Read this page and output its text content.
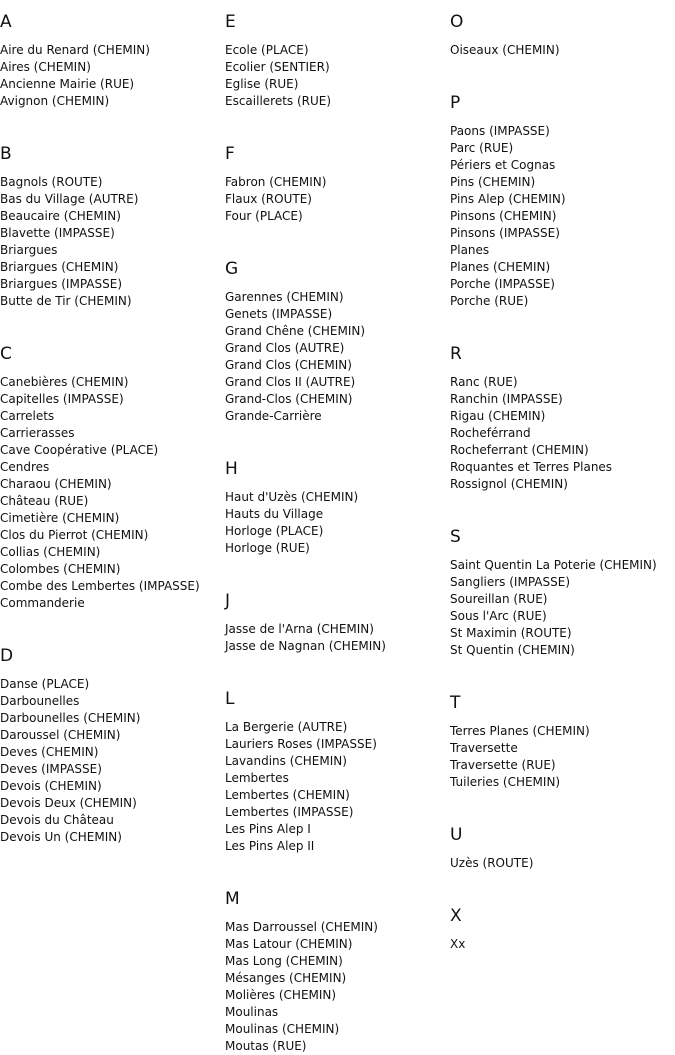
A
Aire du Renard (CHEMIN)
Aires (CHEMIN)
Ancienne Mairie (RUE)
Avignon (CHEMIN)
B
Bagnols (ROUTE)
Bas du Village (AUTRE)
Beaucaire (CHEMIN)
Blavette (IMPASSE)
Briargues
Briargues (CHEMIN)
Briargues (IMPASSE)
Butte de Tir (CHEMIN)
C
Canebières (CHEMIN)
Capitelles (IMPASSE)
Carrelets
Carrierasses
Cave Coopérative (PLACE)
Cendres
Charaou (CHEMIN)
Château (RUE)
Cimetière (CHEMIN)
Clos du Pierrot (CHEMIN)
Collias (CHEMIN)
Colombes (CHEMIN)
Combe des Lembertes (IMPASSE)
Commanderie
D
Danse (PLACE)
Darbounelles
Darbounelles (CHEMIN)
Daroussel (CHEMIN)
Deves (CHEMIN)
Deves (IMPASSE)
Devois (CHEMIN)
Devois Deux (CHEMIN)
Devois du Château
Devois Un (CHEMIN)
E
Ecole (PLACE)
Ecolier (SENTIER)
Eglise (RUE)
Escaillerets (RUE)
F
Fabron (CHEMIN)
Flaux (ROUTE)
Four (PLACE)
G
Garennes (CHEMIN)
Genets (IMPASSE)
Grand Chêne (CHEMIN)
Grand Clos (AUTRE)
Grand Clos (CHEMIN)
Grand Clos II (AUTRE)
Grand-Clos (CHEMIN)
Grande-Carrière
H
Haut d'Uzès (CHEMIN)
Hauts du Village
Horloge (PLACE)
Horloge (RUE)
J
Jasse de l'Arna (CHEMIN)
Jasse de Nagnan (CHEMIN)
L
La Bergerie (AUTRE)
Lauriers Roses (IMPASSE)
Lavandins (CHEMIN)
Lembertes
Lembertes (CHEMIN)
Lembertes (IMPASSE)
Les Pins Alep I
Les Pins Alep II
M
Mas Darroussel (CHEMIN)
Mas Latour (CHEMIN)
Mas Long (CHEMIN)
Mésanges (CHEMIN)
Molières (CHEMIN)
Moulinas
Moulinas (CHEMIN)
Moutas (RUE)
O
Oiseaux (CHEMIN)
P
Paons (IMPASSE)
Parc (RUE)
Périers et Cognas
Pins (CHEMIN)
Pins Alep (CHEMIN)
Pinsons (CHEMIN)
Pinsons (IMPASSE)
Planes
Planes (CHEMIN)
Porche (IMPASSE)
Porche (RUE)
R
Ranc (RUE)
Ranchin (IMPASSE)
Rigau (CHEMIN)
Rocheférrand
Rocheferrant (CHEMIN)
Roquantes et Terres Planes
Rossignol (CHEMIN)
S
Saint Quentin La Poterie (CHEMIN)
Sangliers (IMPASSE)
Soureillan (RUE)
Sous l'Arc (RUE)
St Maximin (ROUTE)
St Quentin (CHEMIN)
T
Terres Planes (CHEMIN)
Traversette
Traversette (RUE)
Tuileries (CHEMIN)
U
Uzès (ROUTE)
X
Xx
